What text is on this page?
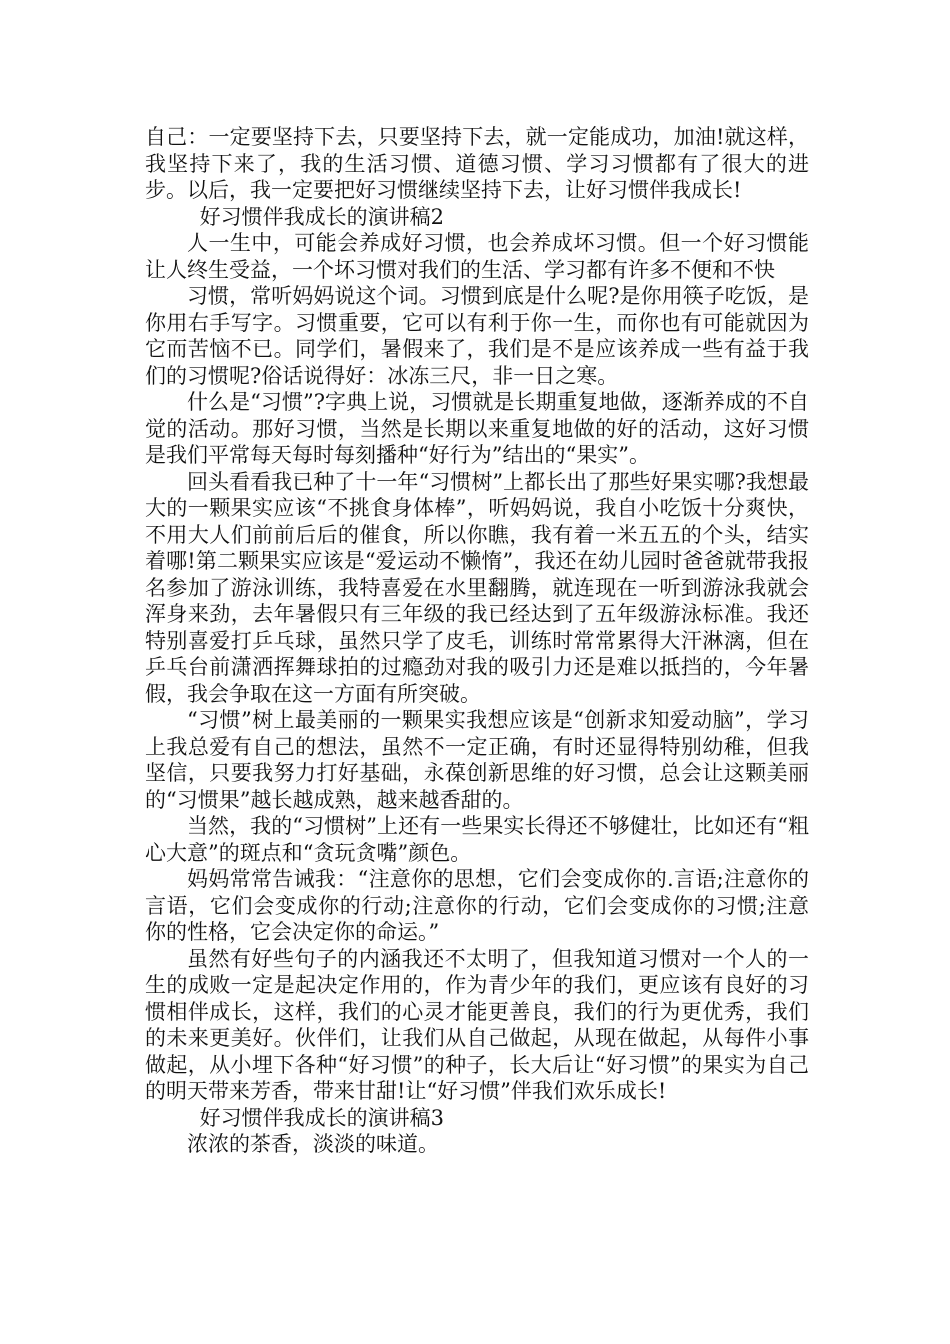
自己：一定要坚持下去，只要坚持下去，就一定能成功，加油!就这样，我坚持下来了，我的生活习惯、道德习惯、学习习惯都有了很大的进步。以后，我一定要把好习惯继续坚持下去，让好习惯伴我成长!

好习惯伴我成长的演讲稿2

人一生中，可能会养成好习惯，也会养成坏习惯。但一个好习惯能让人终生受益，一个坏习惯对我们的生活、学习都有许多不便和不快

习惯，常听妈妈说这个词。习惯到底是什么呢?是你用筷子吃饭，是你用右手写字。习惯重要，它可以有利于你一生，而你也有可能就因为它而苦恼不已。同学们，暑假来了，我们是不是应该养成一些有益于我们的习惯呢?俗话说得好：冰冻三尺，非一日之寒。

什么是“习惯”?字典上说，习惯就是长期重复地做，逐渐养成的不自觉的活动。那好习惯，当然是长期以来重复地做的好的活动，这好习惯是我们平常每天每时每刻播种“好行为”结出的“果实”。

回头看看我已种了十一年“习惯树”上都长出了那些好果实哪?我想最大的一颗果实应该“不挑食身体棒”，听妈妈说，我自小吃饭十分爽快，不用大人们前前后后的催食，所以你瞧，我有着一米五五的个头，结实着哪!第二颗果实应该是“爱运动不懒惰”，我还在幼儿园时爸爸就带我报名参加了游泳训练，我特喜爱在水里翻腾，就连现在一听到游泳我就会浑身来劲，去年暑假只有三年级的我已经达到了五年级游泳标准。我还特别喜爱打乒乓球，虽然只学了皮毛，训练时常常累得大汗淋漓，但在乒乓台前潇洒挥舞球拍的过瘾劲对我的吸引力还是难以抵挡的，今年暑假，我会争取在这一方面有所突破。

“习惯”树上最美丽的一颗果实我想应该是“创新求知爱动脑”，学习上我总爱有自己的想法，虽然不一定正确，有时还显得特别幼稚，但我坚信，只要我努力打好基础，永葆创新思维的好习惯，总会让这颗美丽的“习惯果”越长越成熟，越来越香甜的。

当然，我的“习惯树”上还有一些果实长得还不够健壮，比如还有“粗心大意”的斑点和“贪玩贪嘴”颜色。

妈妈常常告诫我：“注意你的思想，它们会变成你的.言语;注意你的言语，它们会变成你的行动;注意你的行动，它们会变成你的习惯;注意你的性格，它会决定你的命运。”

虽然有好些句子的内涵我还不太明了，但我知道习惯对一个人的一生的成败一定是起决定作用的，作为青少年的我们，更应该有良好的习惯相伴成长，这样，我们的心灵才能更善良，我们的行为更优秀，我们的未来更美好。伙伴们，让我们从自己做起，从现在做起，从每件小事做起，从小埋下各种“好习惯”的种子，长大后让“好习惯”的果实为自己的明天带来芳香，带来甘甜!让“好习惯”伴我们欢乐成长!

好习惯伴我成长的演讲稿3

浓浓的茶香，淡淡的味道。
